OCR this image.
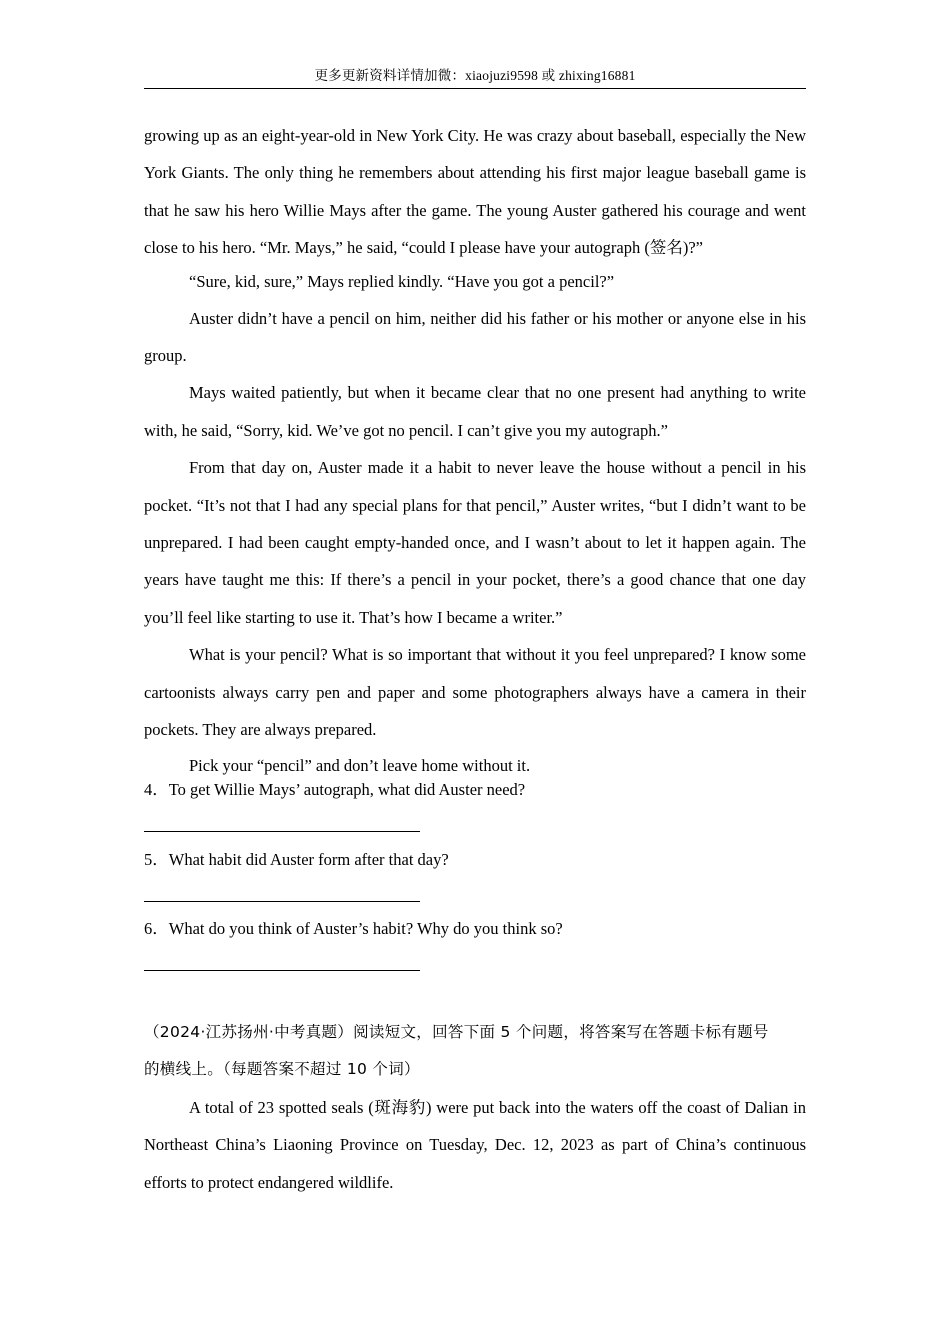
更多更新资料详情加微：xiaojuzi9598 或 zhixing16881

growing up as an eight-year-old in New York City. He was crazy about baseball, especially the New York Giants. The only thing he remembers about attending his first major league baseball game is that he saw his hero Willie Mays after the game. The young Auster gathered his courage and went close to his hero. “Mr. Mays,” he said, “could I please have your autograph (签名)?”

“Sure, kid, sure,” Mays replied kindly. “Have you got a pencil?”

Auster didn’t have a pencil on him, neither did his father or his mother or anyone else in his group.

Mays waited patiently, but when it became clear that no one present had anything to write with, he said, “Sorry, kid. We’ve got no pencil. I can’t give you my autograph.”

From that day on, Auster made it a habit to never leave the house without a pencil in his pocket. “It’s not that I had any special plans for that pencil,” Auster writes, “but I didn’t want to be unprepared. I had been caught empty-handed once, and I wasn’t about to let it happen again. The years have taught me this: If there’s a pencil in your pocket, there’s a good chance that one day you’ll feel like starting to use it. That’s how I became a writer.”

What is your pencil? What is so important that without it you feel unprepared? I know some cartoonists always carry pen and paper and some photographers always have a camera in their pockets. They are always prepared.

Pick your “pencil” and don’t leave home without it.

4．To get Willie Mays’ autograph, what did Auster need?
5．What habit did Auster form after that day?
6．What do you think of Auster’s habit? Why do you think so?

（2024·江苏扬州·中考真题）阅读短文，回答下面 5 个问题，将答案写在答题卡标有题号

的横线上。（每题答案不超过 10 个词）

A total of 23 spotted seals (斑海豹) were put back into the waters off the coast of Dalian in Northeast China’s Liaoning Province on Tuesday, Dec. 12, 2023 as part of China’s continuous efforts to protect endangered wildlife.
